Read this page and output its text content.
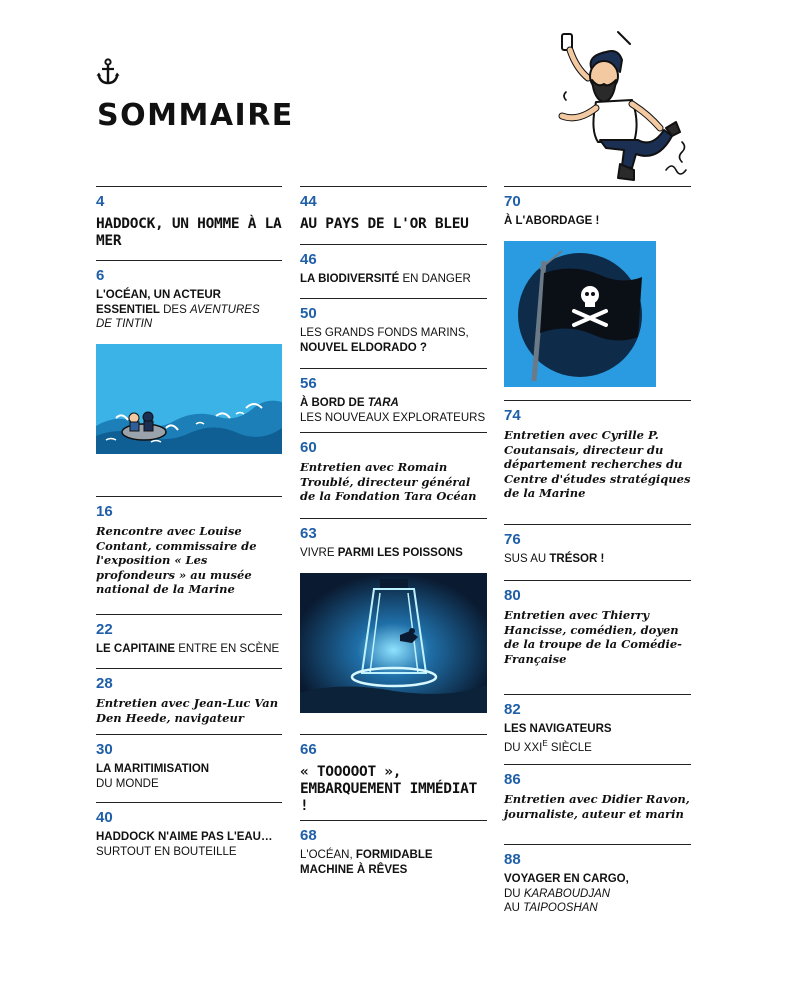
SOMMAIRE
4
HADDOCK, UN HOMME À LA MER
6
L'OCÉAN, UN ACTEUR ESSENTIEL DES AVENTURES
DE TINTIN
16
Rencontre avec Louise Contant, commissaire de l'exposition « Les profondeurs » au musée national de la Marine
22
LE CAPITAINE ENTRE EN SCÈNE
28
Entretien avec Jean-Luc Van Den Heede, navigateur
30
LA MARITIMISATION
DU MONDE
40
HADDOCK N'AIME PAS L'EAU… SURTOUT EN BOUTEILLE
44
AU PAYS DE L'OR BLEU
46
LA BIODIVERSITÉ EN DANGER
50
LES GRANDS FONDS MARINS,
NOUVEL ELDORADO ?
56
À BORD DE TARA
LES NOUVEAUX EXPLORATEURS
60
Entretien avec Romain Troublé, directeur général de la Fondation Tara Océan
63
VIVRE PARMI LES POISSONS
66
« TOOOOOT », EMBARQUEMENT IMMÉDIAT !
68
L'OCÉAN, FORMIDABLE MACHINE À RÊVES
70
À L'ABORDAGE !
74
Entretien avec Cyrille P. Coutansais, directeur du département recherches du Centre d'études stratégiques de la Marine
76
SUS AU TRÉSOR !
80
Entretien avec Thierry Hancisse, comédien, doyen de la troupe de la Comédie-Française
82
LES NAVIGATEURS
DU $XXI^E$ SIÈCLE
86
Entretien avec Didier Ravon, journaliste, auteur et marin
88
VOYAGER EN CARGO,
DU KARABOUDJAN
AU TAIPOOSHAN
